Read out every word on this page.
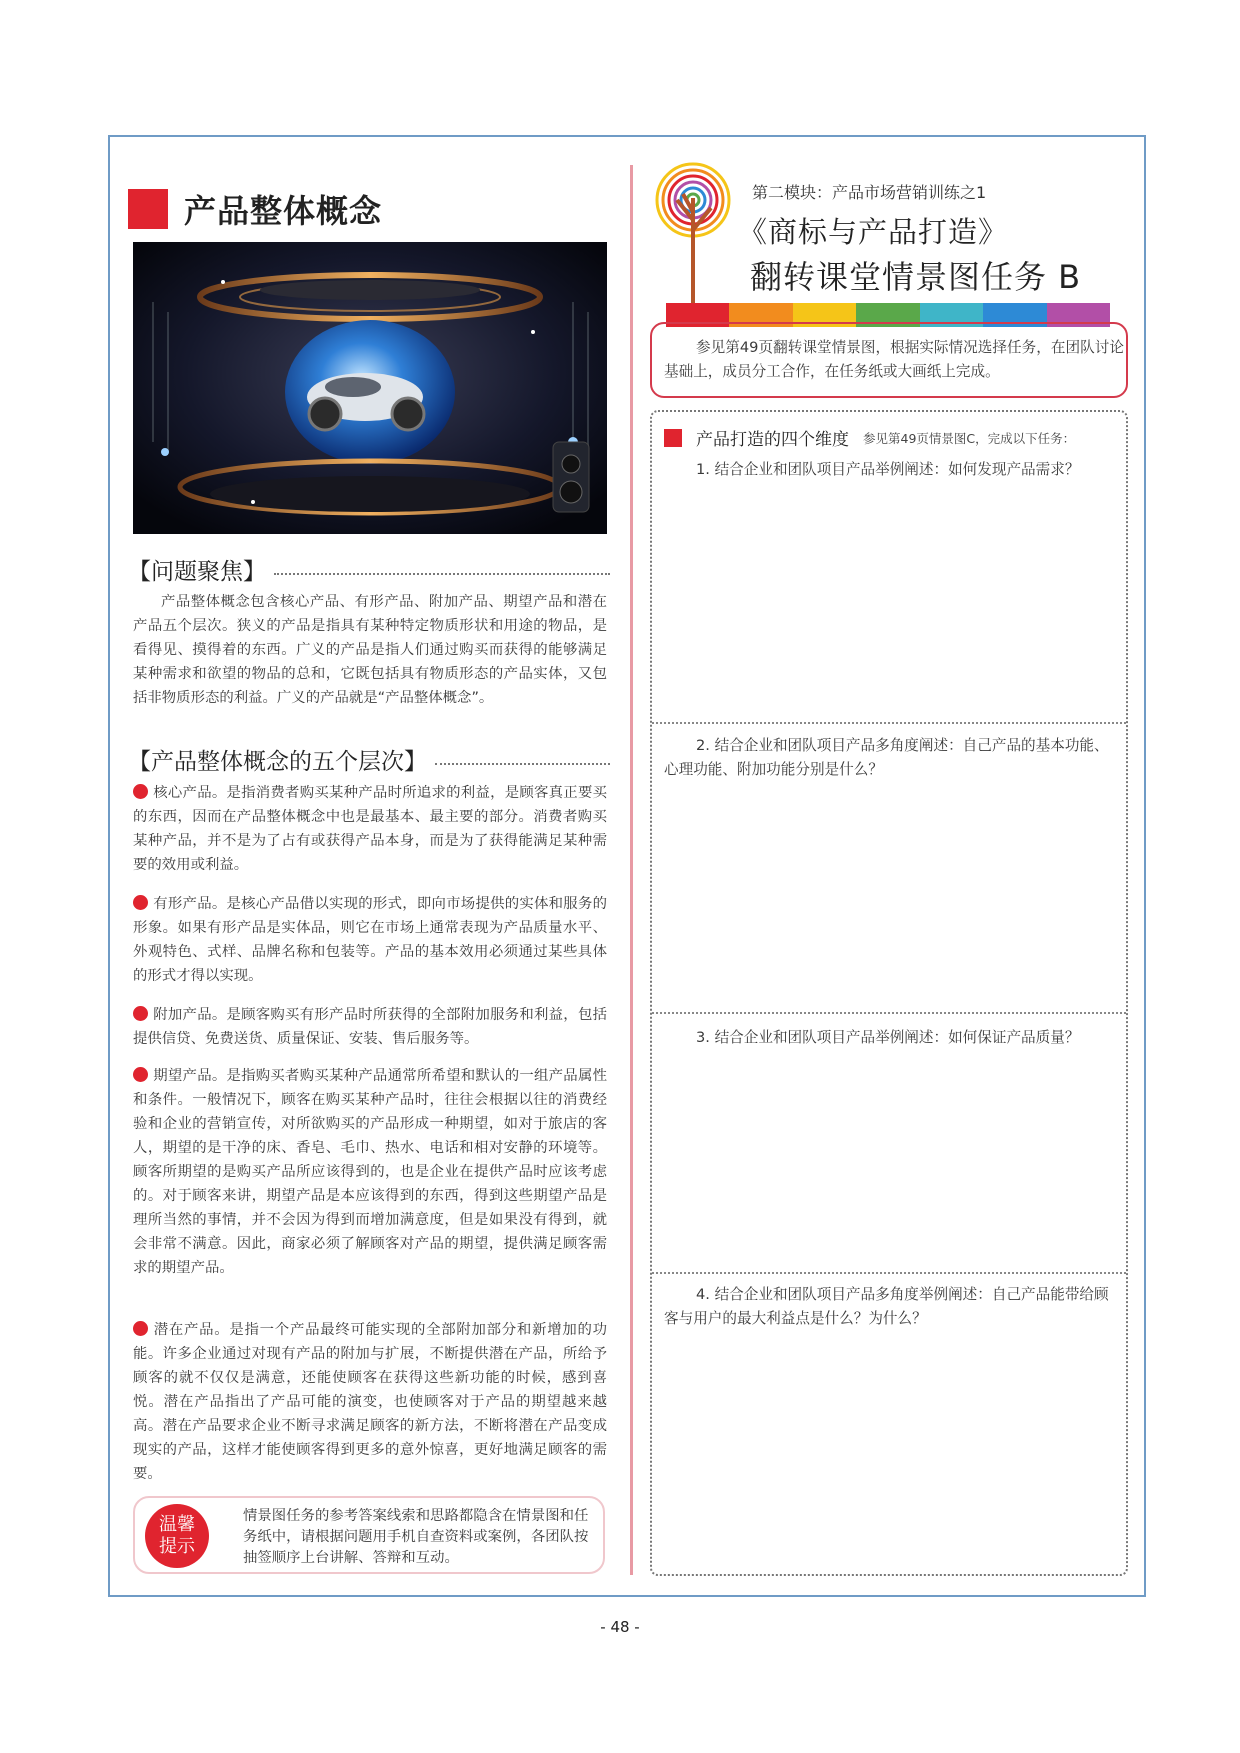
产品整体概念
【问题聚焦】

产品整体概念包含核心产品、有形产品、附加产品、期望产品和潜在产品五个层次。狭义的产品是指具有某种特定物质形状和用途的物品，是看得见、摸得着的东西。广义的产品是指人们通过购买而获得的能够满足某种需求和欲望的物品的总和，它既包括具有物质形态的产品实体，又包括非物质形态的利益。广义的产品就是“产品整体概念”。

【产品整体概念的五个层次】

核心产品。是指消费者购买某种产品时所追求的利益，是顾客真正要买的东西，因而在产品整体概念中也是最基本、最主要的部分。消费者购买某种产品，并不是为了占有或获得产品本身，而是为了获得能满足某种需要的效用或利益。

有形产品。是核心产品借以实现的形式，即向市场提供的实体和服务的形象。如果有形产品是实体品，则它在市场上通常表现为产品质量水平、外观特色、式样、品牌名称和包装等。产品的基本效用必须通过某些具体的形式才得以实现。

附加产品。是顾客购买有形产品时所获得的全部附加服务和利益，包括提供信贷、免费送货、质量保证、安装、售后服务等。

期望产品。是指购买者购买某种产品通常所希望和默认的一组产品属性和条件。一般情况下，顾客在购买某种产品时，往往会根据以往的消费经验和企业的营销宣传，对所欲购买的产品形成一种期望，如对于旅店的客人，期望的是干净的床、香皂、毛巾、热水、电话和相对安静的环境等。顾客所期望的是购买产品所应该得到的，也是企业在提供产品时应该考虑的。对于顾客来讲，期望产品是本应该得到的东西，得到这些期望产品是理所当然的事情，并不会因为得到而增加满意度，但是如果没有得到，就会非常不满意。因此，商家必须了解顾客对产品的期望，提供满足顾客需求的期望产品。

潜在产品。是指一个产品最终可能实现的全部附加部分和新增加的功能。许多企业通过对现有产品的附加与扩展，不断提供潜在产品，所给予顾客的就不仅仅是满意，还能使顾客在获得这些新功能的时候，感到喜悦。潜在产品指出了产品可能的演变，也使顾客对于产品的期望越来越高。潜在产品要求企业不断寻求满足顾客的新方法，不断将潜在产品变成现实的产品，这样才能使顾客得到更多的意外惊喜，更好地满足顾客的需要。

温馨
提示

情景图任务的参考答案线索和思路都隐含在情景图和任务纸中，请根据问题用手机自查资料或案例，各团队按抽签顺序上台讲解、答辩和互动。

第二模块：产品市场营销训练之1
《商标与产品打造》
翻转课堂情景图任务 B

参见第49页翻转课堂情景图，根据实际情况选择任务，在团队讨论基础上，成员分工合作，在任务纸或大画纸上完成。

产品打造的四个维度 参见第49页情景图C，完成以下任务：

1. 结合企业和团队项目产品举例阐述：如何发现产品需求？

2. 结合企业和团队项目产品多角度阐述：自己产品的基本功能、心理功能、附加功能分别是什么？

3. 结合企业和团队项目产品举例阐述：如何保证产品质量？

4. 结合企业和团队项目产品多角度举例阐述：自己产品能带给顾客与用户的最大利益点是什么？为什么？

- 48 -
